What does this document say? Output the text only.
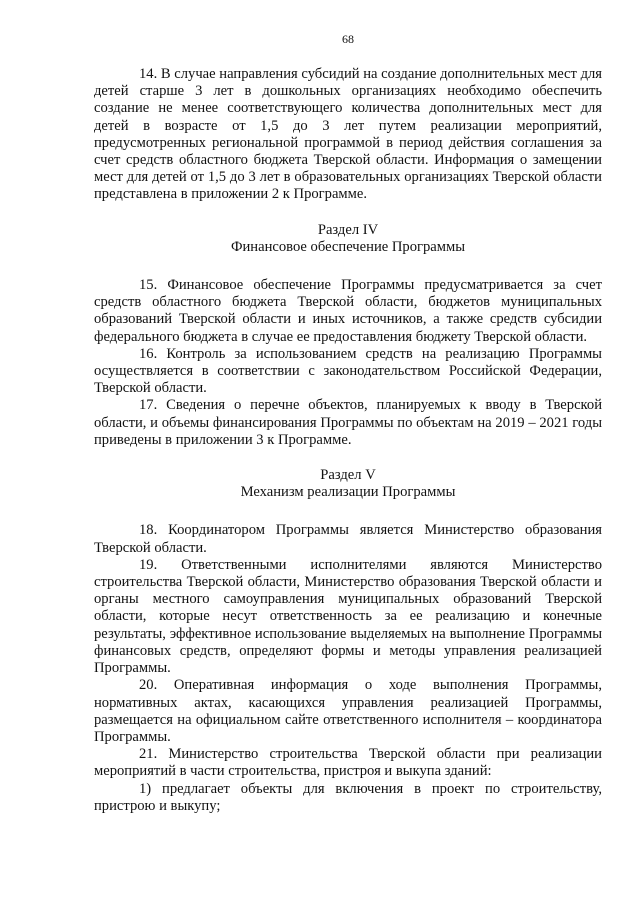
68

14. В случае направления субсидий на создание дополнительных мест для детей старше 3 лет в дошкольных организациях необходимо обеспечить создание не менее соответствующего количества дополнительных мест для детей в возрасте от 1,5 до 3 лет путем реализации мероприятий, предусмотренных региональной программой в период действия соглашения за счет средств областного бюджета Тверской области. Информация о замещении мест для детей от 1,5 до 3 лет в образовательных организациях Тверской области представлена в приложении 2 к Программе.

Раздел IV
Финансовое обеспечение Программы

15. Финансовое обеспечение Программы предусматривается за счет средств областного бюджета Тверской области, бюджетов муниципальных образований Тверской области и иных источников, а также средств субсидии федерального бюджета в случае ее предоставления бюджету Тверской области.

16. Контроль за использованием средств на реализацию Программы осуществляется в соответствии с законодательством Российской Федерации, Тверской области.

17. Сведения о перечне объектов, планируемых к вводу в Тверской области, и объемы финансирования Программы по объектам на 2019 – 2021 годы приведены в приложении 3 к Программе.

Раздел V
Механизм реализации Программы

18. Координатором Программы является Министерство образования Тверской области.

19. Ответственными исполнителями являются Министерство строительства Тверской области, Министерство образования Тверской области и органы местного самоуправления муниципальных образований Тверской области, которые несут ответственность за ее реализацию и конечные результаты, эффективное использование выделяемых на выполнение Программы финансовых средств, определяют формы и методы управления реализацией Программы.

20. Оперативная информация о ходе выполнения Программы, нормативных актах, касающихся управления реализацией Программы, размещается на официальном сайте ответственного исполнителя – координатора Программы.

21. Министерство строительства Тверской области при реализации мероприятий в части строительства, пристроя и выкупа зданий:

1) предлагает объекты для включения в проект по строительству, пристрою и выкупу;
